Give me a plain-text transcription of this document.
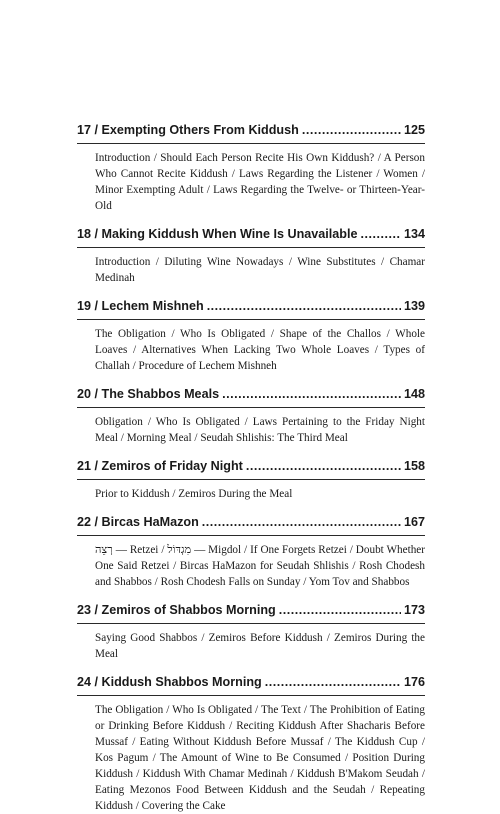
17 / Exempting Others From Kiddush .....	125

Introduction / Should Each Person Recite His Own Kiddush? / A Person Who Cannot Recite Kiddush / Laws Regarding the Listener / Women / Minor Exempting Adult / Laws Regarding the Twelve- or Thirteen-Year-Old

18 / Making Kiddush When Wine Is Unavailable .....	134

Introduction / Diluting Wine Nowadays / Wine Substitutes / Chamar Medinah

19 / Lechem Mishneh .....	139

The Obligation / Who Is Obligated / Shape of the Challos / Whole Loaves / Alternatives When Lacking Two Whole Loaves / Types of Challah / Procedure of Lechem Mishneh

20 / The Shabbos Meals .....	148

Obligation / Who Is Obligated / Laws Pertaining to the Friday Night Meal / Morning Meal / Seudah Shlishis: The Third Meal

21 / Zemiros of Friday Night .....	158

Prior to Kiddush / Zemiros During the Meal

22 / Bircas HaMazon .....	167

רְצֵה — Retzei / מִגְדּוֹל — Migdol / If One Forgets Retzei / Doubt Whether One Said Retzei / Bircas HaMazon for Seudah Shlishis / Rosh Chodesh and Shabbos / Rosh Chodesh Falls on Sunday / Yom Tov and Shabbos

23 / Zemiros of Shabbos Morning .....	173

Saying Good Shabbos / Zemiros Before Kiddush / Zemiros During the Meal

24 / Kiddush Shabbos Morning .....	176

The Obligation / Who Is Obligated / The Text / The Prohibition of Eating or Drinking Before Kiddush / Reciting Kiddush After Shacharis Before Mussaf / Eating Without Kiddush Before Mussaf / The Kiddush Cup / Kos Pagum / The Amount of Wine to Be Consumed / Position During Kiddush / Kiddush With Chamar Medinah / Kiddush B'Makom Seudah / Eating Mezonos Food Between Kiddush and the Seudah / Repeating Kiddush / Covering the Cake
